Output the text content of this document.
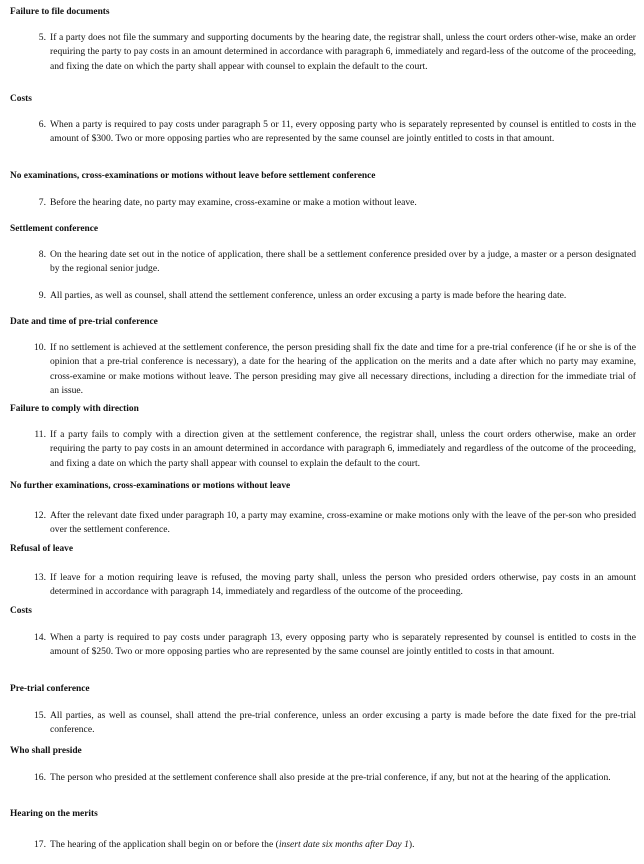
Failure to file documents
5. If a party does not file the summary and supporting documents by the hearing date, the registrar shall, unless the court orders other-wise, make an order requiring the party to pay costs in an amount determined in accordance with paragraph 6, immediately and regard-less of the outcome of the proceeding, and fixing the date on which the party shall appear with counsel to explain the default to the court.
Costs
6. When a party is required to pay costs under paragraph 5 or 11, every opposing party who is separately represented by counsel is entitled to costs in the amount of $300. Two or more opposing parties who are represented by the same counsel are jointly entitled to costs in that amount.
No examinations, cross-examinations or motions without leave before settlement conference
7. Before the hearing date, no party may examine, cross-examine or make a motion without leave.
Settlement conference
8. On the hearing date set out in the notice of application, there shall be a settlement conference presided over by a judge, a master or a person designated by the regional senior judge.
9. All parties, as well as counsel, shall attend the settlement conference, unless an order excusing a party is made before the hearing date.
Date and time of pre-trial conference
10. If no settlement is achieved at the settlement conference, the person presiding shall fix the date and time for a pre-trial conference (if he or she is of the opinion that a pre-trial conference is necessary), a date for the hearing of the application on the merits and a date after which no party may examine, cross-examine or make motions without leave. The person presiding may give all necessary directions, including a direction for the immediate trial of an issue.
Failure to comply with direction
11. If a party fails to comply with a direction given at the settlement conference, the registrar shall, unless the court orders otherwise, make an order requiring the party to pay costs in an amount determined in accordance with paragraph 6, immediately and regardless of the outcome of the proceeding, and fixing a date on which the party shall appear with counsel to explain the default to the court.
No further examinations, cross-examinations or motions without leave
12. After the relevant date fixed under paragraph 10, a party may examine, cross-examine or make motions only with the leave of the per-son who presided over the settlement conference.
Refusal of leave
13. If leave for a motion requiring leave is refused, the moving party shall, unless the person who presided orders otherwise, pay costs in an amount determined in accordance with paragraph 14, immediately and regardless of the outcome of the proceeding.
Costs
14. When a party is required to pay costs under paragraph 13, every opposing party who is separately represented by counsel is entitled to costs in the amount of $250. Two or more opposing parties who are represented by the same counsel are jointly entitled to costs in that amount.
Pre-trial conference
15. All parties, as well as counsel, shall attend the pre-trial conference, unless an order excusing a party is made before the date fixed for the pre-trial conference.
Who shall preside
16. The person who presided at the settlement conference shall also preside at the pre-trial conference, if any, but not at the hearing of the application.
Hearing on the merits
17. The hearing of the application shall begin on or before the (insert date six months after Day 1).
